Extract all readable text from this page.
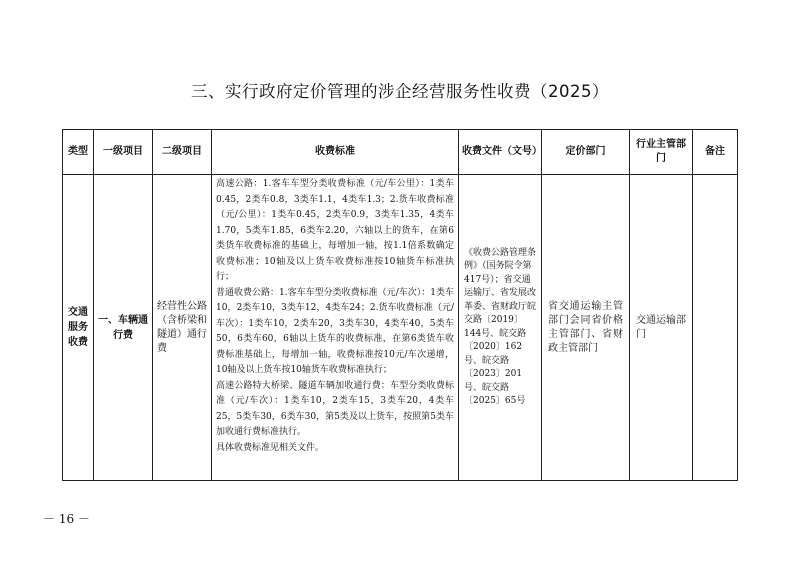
三、实行政府定价管理的涉企经营服务性收费（2025）
类型	一级项目	二级项目	收费标准	收费文件（文号）	定价部门	行业主管部门	备注
交通服务收费	一、车辆通行费	经营性公路（含桥梁和隧道）通行费	高速公路：1.客车车型分类收费标准（元/车公里）：1类车0.45，2类车0.8，3类车1.1，4类车1.3；2.货车收费标准（元/公里）：1类车0.45，2类车0.9，3类车1.35，4类车1.70，5类车1.85，6类车2.20，六轴以上的货车，在第6类货车收费标准的基础上，每增加一轴，按1.1倍系数确定收费标准；10轴及以上货车收费标准按10轴货车标准执行；

普通收费公路：1.客车车型分类收费标准（元/车次）：1类车10，2类车10，3类车12，4类车24；2.货车收费标准（元/车次）：1类车10，2类车20，3类车30，4类车40，5类车50，6类车60，6轴以上货车的收费标准，在第6类货车收费标准基础上，每增加一轴，收费标准按10元/车次递增，10轴及以上货车按10轴货车收费标准执行；

高速公路特大桥梁、隧道车辆加收通行费：车型分类收费标准（元/车次）：1类车10，2类车15，3类车20，4类车25，5类车30，6类车30，第5类及以上货车，按照第5类车加收通行费标准执行。

具体收费标准见相关文件。	《收费公路管理条例》（国务院令第417号）；省交通运输厅、省发展改革委、省财政厅皖交路〔2019〕144号、皖交路〔2020〕162号、皖交路〔2023〕201号、皖交路〔2025〕65号	省交通运输主管部门会同省价格主管部门、省财政主管部门	交通运输部门	
－ 16 －
